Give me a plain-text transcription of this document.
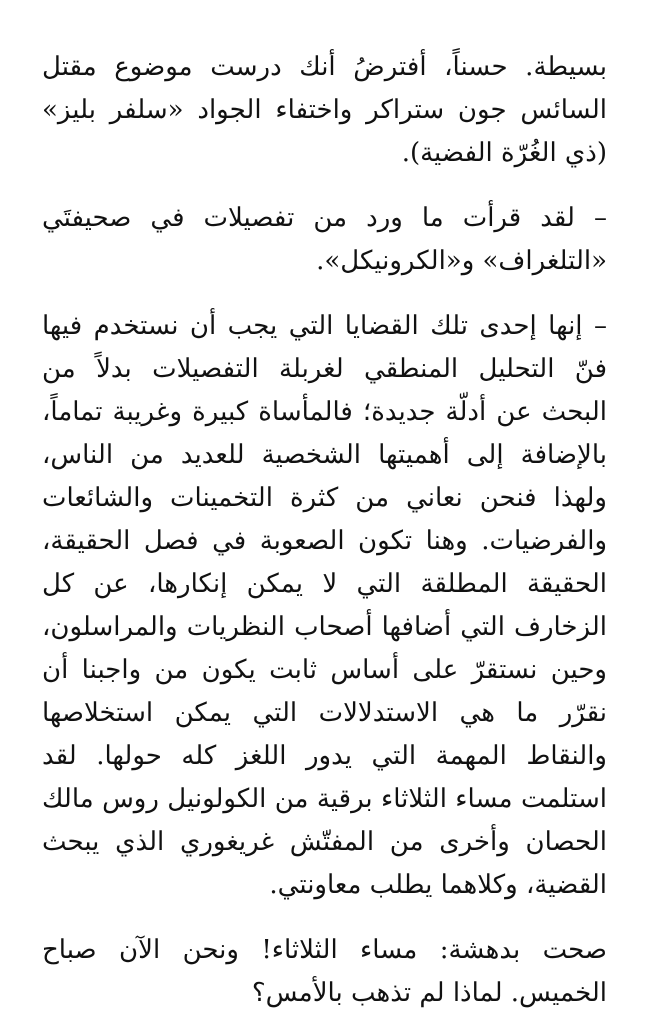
بسيطة. حسناً، أفترضُ أنك درست موضوع مقتل السائس جون ستراكر واختفاء الجواد «سلفر بليز» (ذي الغُرّة الفضية).

– لقد قرأت ما ورد من تفصيلات في صحيفتَي «التلغراف» و«الكرونيكل».

– إنها إحدى تلك القضايا التي يجب أن نستخدم فيها فنّ التحليل المنطقي لغربلة التفصيلات بدلاً من البحث عن أدلّة جديدة؛ فالمأساة كبيرة وغريبة تماماً، بالإضافة إلى أهميتها الشخصية للعديد من الناس، ولهذا فنحن نعاني من كثرة التخمينات والشائعات والفرضيات. وهنا تكون الصعوبة في فصل الحقيقة، الحقيقة المطلقة التي لا يمكن إنكارها، عن كل الزخارف التي أضافها أصحاب النظريات والمراسلون، وحين نستقرّ على أساس ثابت يكون من واجبنا أن نقرّر ما هي الاستدلالات التي يمكن استخلاصها والنقاط المهمة التي يدور اللغز كله حولها. لقد استلمت مساء الثلاثاء برقية من الكولونيل روس مالك الحصان وأخرى من المفتّش غريغوري الذي يبحث القضية، وكلاهما يطلب معاونتي.

صحت بدهشة: مساء الثلاثاء! ونحن الآن صباح الخميس. لماذا لم تذهب بالأمس؟
